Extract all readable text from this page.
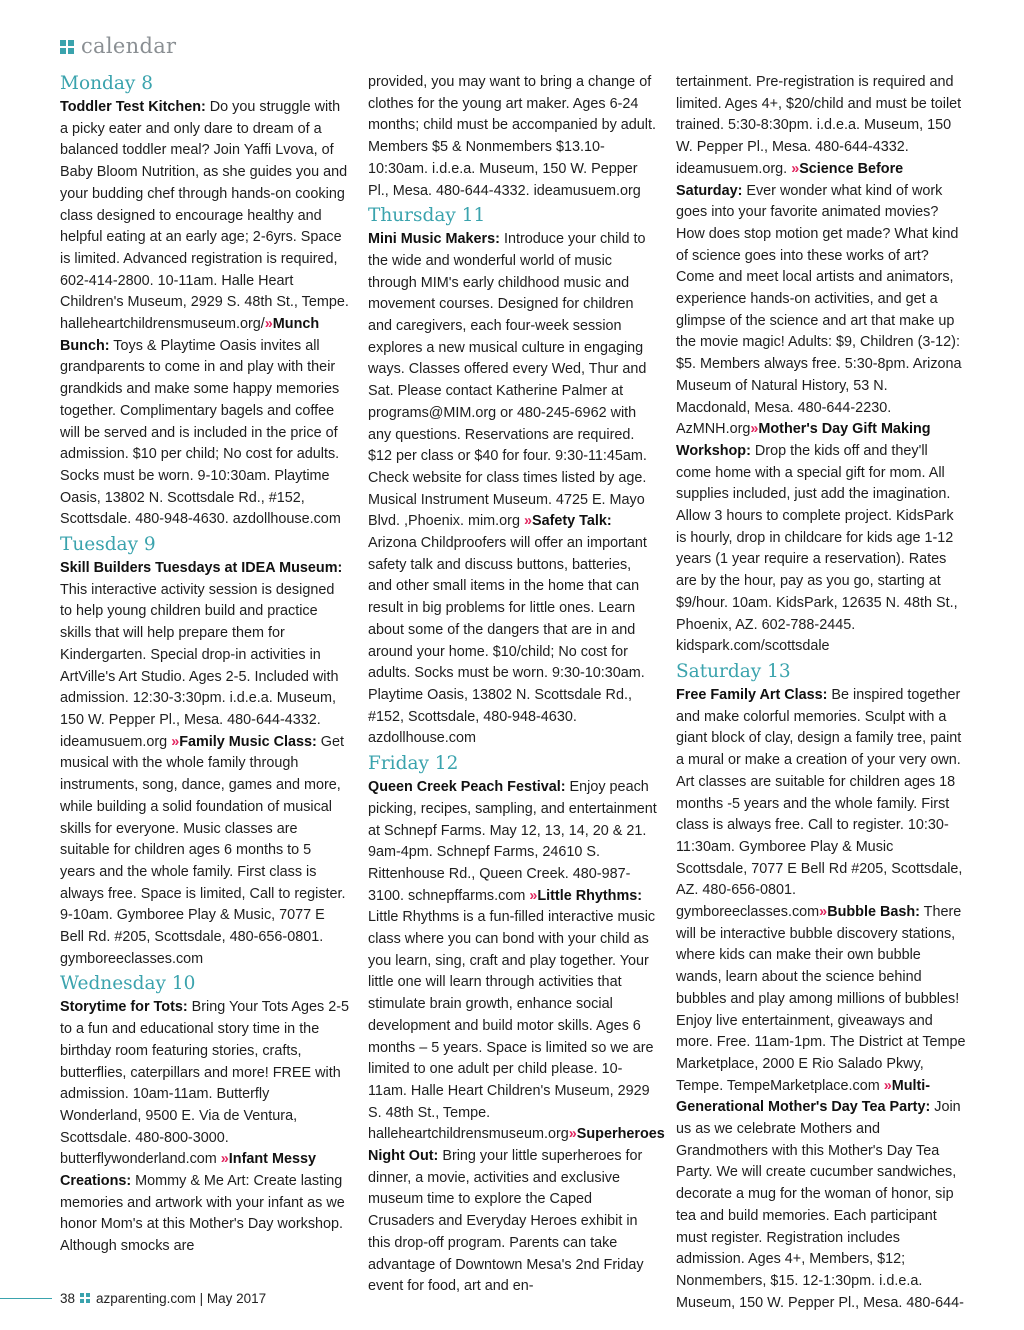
calendar
Monday 8

Toddler Test Kitchen: Do you struggle with a picky eater and only dare to dream of a balanced toddler meal? Join Yaffi Lvova, of Baby Bloom Nutrition, as she guides you and your budding chef through hands-on cooking class designed to encourage healthy and helpful eating at an early age; 2-6yrs. Space is limited. Advanced registration is required, 602-414-2800. 10-11am. Halle Heart Children's Museum, 2929 S. 48th St., Tempe. halleheartchildrensmuseum.org/»Munch Bunch: Toys & Playtime Oasis invites all grandparents to come in and play with their grandkids and make some happy memories together. Complimentary bagels and coffee will be served and is included in the price of admission. $10 per child; No cost for adults. Socks must be worn. 9-10:30am. Playtime Oasis, 13802 N. Scottsdale Rd., #152, Scottsdale. 480-948-4630. azdollhouse.com

Tuesday 9

Skill Builders Tuesdays at IDEA Museum: This interactive activity session is designed to help young children build and practice skills that will help prepare them for Kindergarten. Special drop-in activities in ArtVille's Art Studio. Ages 2-5. Included with admission. 12:30-3:30pm. i.d.e.a. Museum, 150 W. Pepper Pl., Mesa. 480-644-4332. ideamusuem.org »Family Music Class: Get musical with the whole family through instruments, song, dance, games and more, while building a solid foundation of musical skills for everyone. Music classes are suitable for children ages 6 months to 5 years and the whole family. First class is always free. Space is limited, Call to register. 9-10am. Gymboree Play & Music, 7077 E Bell Rd. #205, Scottsdale, 480-656-0801. gymboreeclasses.com

Wednesday 10

Storytime for Tots: Bring Your Tots Ages 2-5 to a fun and educational story time in the birthday room featuring stories, crafts, butterflies, caterpillars and more! FREE with admission. 10am-11am. Butterfly Wonderland, 9500 E. Via de Ventura, Scottsdale. 480-800-3000. butterflywonderland.com »Infant Messy Creations: Mommy & Me Art: Create lasting memories and artwork with your infant as we honor Mom's at this Mother's Day workshop. Although smocks are

provided, you may want to bring a change of clothes for the young art maker. Ages 6-24 months; child must be accompanied by adult. Members $5 & Nonmembers $13.10-10:30am. i.d.e.a. Museum, 150 W. Pepper Pl., Mesa. 480-644-4332. ideamusuem.org

Thursday 11

Mini Music Makers: Introduce your child to the wide and wonderful world of music through MIM's early childhood music and movement courses. Designed for children and caregivers, each four-week session explores a new musical culture in engaging ways. Classes offered every Wed, Thur and Sat. Please contact Katherine Palmer at programs@MIM.org or 480-245-6962 with any questions. Reservations are required. $12 per class or $40 for four. 9:30-11:45am. Check website for class times listed by age. Musical Instrument Museum. 4725 E. Mayo Blvd. ,Phoenix. mim.org »Safety Talk: Arizona Childproofers will offer an important safety talk and discuss buttons, batteries, and other small items in the home that can result in big problems for little ones. Learn about some of the dangers that are in and around your home. $10/child; No cost for adults. Socks must be worn. 9:30-10:30am. Playtime Oasis, 13802 N. Scottsdale Rd., #152, Scottsdale, 480-948-4630. azdollhouse.com

Friday 12

Queen Creek Peach Festival: Enjoy peach picking, recipes, sampling, and entertainment at Schnepf Farms. May 12, 13, 14, 20 & 21. 9am-4pm. Schnepf Farms, 24610 S. Rittenhouse Rd., Queen Creek. 480-987-3100. schnepffarms.com »Little Rhythms: Little Rhythms is a fun-filled interactive music class where you can bond with your child as you learn, sing, craft and play together. Your little one will learn through activities that stimulate brain growth, enhance social development and build motor skills. Ages 6 months – 5 years. Space is limited so we are limited to one adult per child please. 10-11am. Halle Heart Children's Museum, 2929 S. 48th St., Tempe. halleheartchildrensmuseum.org»Superheroes Night Out: Bring your little superheroes for dinner, a movie, activities and exclusive museum time to explore the Caped Crusaders and Everyday Heroes exhibit in this drop-off program. Parents can take advantage of Downtown Mesa's 2nd Friday event for food, art and en-

tertainment. Pre-registration is required and limited. Ages 4+, $20/child and must be toilet trained. 5:30-8:30pm. i.d.e.a. Museum, 150 W. Pepper Pl., Mesa. 480-644-4332. ideamusuem.org. »Science Before Saturday: Ever wonder what kind of work goes into your favorite animated movies? How does stop motion get made? What kind of science goes into these works of art? Come and meet local artists and animators, experience hands-on activities, and get a glimpse of the science and art that make up the movie magic! Adults: $9, Children (3-12): $5. Members always free. 5:30-8pm. Arizona Museum of Natural History, 53 N. Macdonald, Mesa. 480-644-2230. AzMNH.org»Mother's Day Gift Making Workshop: Drop the kids off and they'll come home with a special gift for mom. All supplies included, just add the imagination. Allow 3 hours to complete project. KidsPark is hourly, drop in childcare for kids age 1-12 years (1 year require a reservation). Rates are by the hour, pay as you go, starting at $9/hour. 10am. KidsPark, 12635 N. 48th St., Phoenix, AZ. 602-788-2445. kidspark.com/scottsdale

Saturday 13

Free Family Art Class: Be inspired together and make colorful memories. Sculpt with a giant block of clay, design a family tree, paint a mural or make a creation of your very own. Art classes are suitable for children ages 18 months -5 years and the whole family. First class is always free. Call to register. 10:30-11:30am. Gymboree Play & Music Scottsdale, 7077 E Bell Rd #205, Scottsdale, AZ. 480-656-0801. gymboreeclasses.com»Bubble Bash: There will be interactive bubble discovery stations, where kids can make their own bubble wands, learn about the science behind bubbles and play among millions of bubbles! Enjoy live entertainment, giveaways and more. Free. 11am-1pm. The District at Tempe Marketplace, 2000 E Rio Salado Pkwy, Tempe. TempeMarketplace.com »Multi-Generational Mother's Day Tea Party: Join us as we celebrate Mothers and Grandmothers with this Mother's Day Tea Party. We will create cucumber sandwiches, decorate a mug for the woman of honor, sip tea and build memories. Each participant must register. Registration includes admission. Ages 4+, Members, $12; Nonmembers, $15. 12-1:30pm. i.d.e.a. Museum, 150 W. Pepper Pl., Mesa. 480-644-

38 azparenting.com
|
May 2017
